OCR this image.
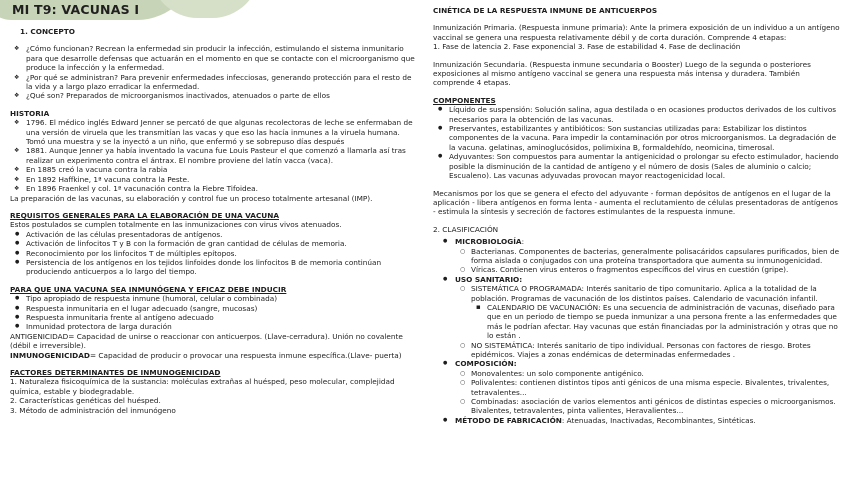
MI T9: VACUNAS I

1. CONCEPTO

❖ ¿Cómo funcionan? Recrean la enfermedad sin producir la infección, estimulando el sistema inmunitario para que desarrolle defensas que actuarán en el momento en que se contacte con el microorganismo que produce la infección y la enfermedad.
❖ ¿Por qué se administran? Para prevenir enfermedades infecciosas, generando protección para el resto de la vida y a largo plazo erradicar la enfermedad.
❖ ¿Qué son? Preparados de microorganismos inactivados, atenuados o parte de ellos

HISTORIA

❖ 1796. El médico inglés Edward Jenner se percató de que algunas recolectoras de leche se enfermaban de una versión de viruela que les transmitían las vacas y que eso las hacía inmunes a la viruela humana. Tomó una muestra y se la inyectó a un niño, que enfermó y se sobrepuso días después
❖ 1881. Aunque Jenner ya había inventado la vacuna fue Louis Pasteur el que comenzó a llamarla así tras realizar un experimento contra el ántrax. El nombre proviene del latín vacca (vaca).
❖ En 1885 creó la vacuna contra la rabia
❖ En 1892 Haffkine, 1ª vacuna contra la Peste.
❖ En 1896 Fraenkel y col. 1ª vacunación contra la Fiebre Tifoidea.

La preparación de las vacunas, su elaboración y control fue un proceso totalmente artesanal (IMP).

REQUISITOS GENERALES PARA LA ELABORACIÓN DE UNA VACUNA

Estos postulados se cumplen totalmente en las inmunizaciones con virus vivos atenuados.

● Activación de las células presentadoras de antígenos.
● Activación de linfocitos T y B con la formación de gran cantidad de células de memoria.
● Reconocimiento por los linfocitos T de múltiples epítopos.
● Persistencia de los antígenos en los tejidos linfoides donde los linfocitos B de memoria continúan produciendo anticuerpos a lo largo del tiempo.

PARA QUE UNA VACUNA SEA INMUNÓGENA Y EFICAZ DEBE INDUCIR

● Tipo apropiado de respuesta inmune (humoral, celular o combinada)
● Respuesta inmunitaria en el lugar adecuado (sangre, mucosas)
● Respuesta inmunitaria frente al antígeno adecuado
● Inmunidad protectora de larga duración

ANTIGENICIDAD= Capacidad de unirse o reaccionar con anticuerpos. (Llave-cerradura). Unión no covalente (débil e irreversible).

INMUNOGENICIDAD= Capacidad de producir o provocar una respuesta inmune específica.(Llave- puerta)

FACTORES DETERMINANTES DE INMUNOGENICIDAD

1. Naturaleza fisicoquímica de la sustancia: moléculas extrañas al huésped, peso molecular, complejidad química, estable y biodegradable.

2. Características genéticas del huésped.

3. Método de administración del inmunógeno

CINÉTICA DE LA RESPUESTA INMUNE DE ANTICUERPOS

Inmunización Primaria. (Respuesta inmune primaria): Ante la primera exposición de un individuo a un antígeno vaccinal se genera una respuesta relativamente débil y de corta duración. Comprende 4 etapas:

1. Fase de latencia 2. Fase exponencial 3. Fase de estabilidad 4. Fase de declinación

Inmunización Secundaria. (Respuesta inmune secundaria o Booster) Luego de la segunda o posteriores exposiciones al mismo antígeno vaccinal se genera una respuesta más intensa y duradera. También comprende 4 etapas.

COMPONENTES

● Líquido de suspensión: Solución salina, agua destilada o en ocasiones productos derivados de los cultivos necesarios para la obtención de las vacunas.
● Preservantes, estabilizantes y antibióticos: Son sustancias utilizadas para: Estabilizar los distintos componentes de la vacuna. Para impedir la contaminación por otros microorganismos. La degradación de la vacuna. gelatinas, aminoglucósidos, polimixina B, formaldehído, neomicina, timerosal.
● Adyuvantes: Son compuestos para aumentar la antigenicidad o prolongar su efecto estimulador, haciendo posible la disminución de la cantidad de antígeno y el número de dosis (Sales de aluminio o calcio; Escualeno). Las vacunas adyuvadas provocan mayor reactogenicidad local.

Mecanismos por los que se genera el efecto del adyuvante - forman depósitos de antígenos en el lugar de la aplicación - libera antígenos en forma lenta - aumenta el reclutamiento de células presentadoras de antígenos - estimula la síntesis y secreción de factores estimulantes de la respuesta inmune.

2. CLASIFICACIÓN

● MICROBIOLOGÍA:
○ Bacterianas. Componentes de bacterias, generalmente polisacáridos capsulares purificados, bien de forma aislada o conjugados con una proteína transportadora que aumenta su inmunogenicidad.
○ Víricas. Contienen virus enteros o fragmentos específicos del virus en cuestión (gripe).
● USO SANITARIO:
○ SISTEMÁTICA O PROGRAMADA: Interés sanitario de tipo comunitario. Aplica a la totalidad de la población. Programas de vacunación de los distintos países. Calendario de vacunación infantil.
▪ CALENDARIO DE VACUNACIÓN: Es una secuencia de administración de vacunas, diseñado para que en un periodo de tiempo se pueda inmunizar a una persona frente a las enfermedades que más le podrían afectar. Hay vacunas que están financiadas por la administración y otras que no lo están .
○ NO SISTEMÁTICA: Interés sanitario de tipo individual. Personas con factores de riesgo. Brotes epidémicos. Viajes a zonas endémicas de determinadas enfermedades .
● COMPOSICIÓN:
○ Monovalentes: un solo componente antigénico.
○ Polivalentes: contienen distintos tipos anti génicos de una misma especie. Bivalentes, trivalentes, tetravalentes...
○ Combinadas: asociación de varios elementos anti génicos de distintas especies o microorganismos. Bivalentes, tetravalentes, pinta valientes, Heravalientes...
● MÉTODO DE FABRICACIÓN: Atenuadas, Inactivadas, Recombinantes, Sintéticas.
